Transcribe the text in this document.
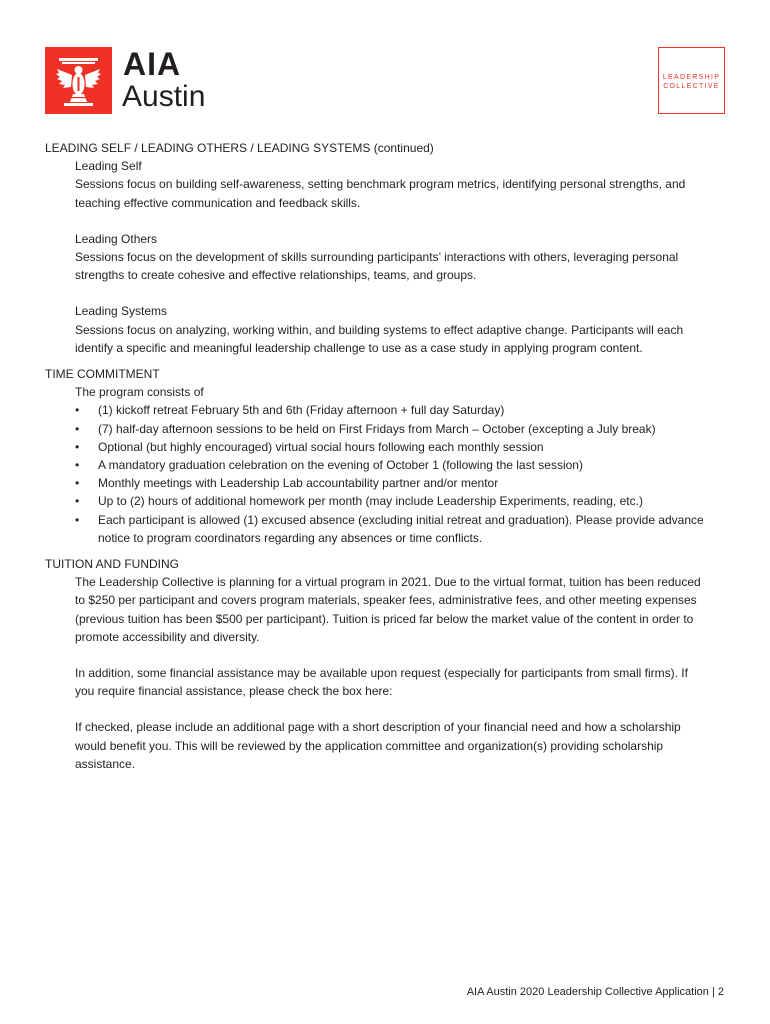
AIA
Austin
LEADERSHIP COLLECTIVE

LEADING SELF / LEADING OTHERS / LEADING SYSTEMS (continued)

Leading Self

Sessions focus on building self-awareness, setting benchmark program metrics, identifying personal strengths, and teaching effective communication and feedback skills.

Leading Others

Sessions focus on the development of skills surrounding participants’ interactions with others, leveraging personal strengths to create cohesive and effective relationships, teams, and groups.

Leading Systems

Sessions focus on analyzing, working within, and building systems to effect adaptive change. Participants will each identify a specific and meaningful leadership challenge to use as a case study in applying program content.

TIME COMMITMENT

The program consists of

• (1) kickoff retreat February 5th and 6th (Friday afternoon + full day Saturday)
• (7) half-day afternoon sessions to be held on First Fridays from March – October (excepting a July break)
• Optional (but highly encouraged) virtual social hours following each monthly session
• A mandatory graduation celebration on the evening of October 1 (following the last session)
• Monthly meetings with Leadership Lab accountability partner and/or mentor
• Up to (2) hours of additional homework per month (may include Leadership Experiments, reading, etc.)
• Each participant is allowed (1) excused absence (excluding initial retreat and graduation). Please provide advance notice to program coordinators regarding any absences or time conflicts.

TUITION AND FUNDING

The Leadership Collective is planning for a virtual program in 2021. Due to the virtual format, tuition has been reduced to $250 per participant and covers program materials, speaker fees, administrative fees, and other meeting expenses (previous tuition has been $500 per participant). Tuition is priced far below the market value of the content in order to promote accessibility and diversity.

In addition, some financial assistance may be available upon request (especially for participants from small firms). If you require financial assistance, please check the box here:

If checked, please include an additional page with a short description of your financial need and how a scholarship would benefit you. This will be reviewed by the application committee and organization(s) providing scholarship assistance.

AIA Austin 2020 Leadership Collective Application | 2
